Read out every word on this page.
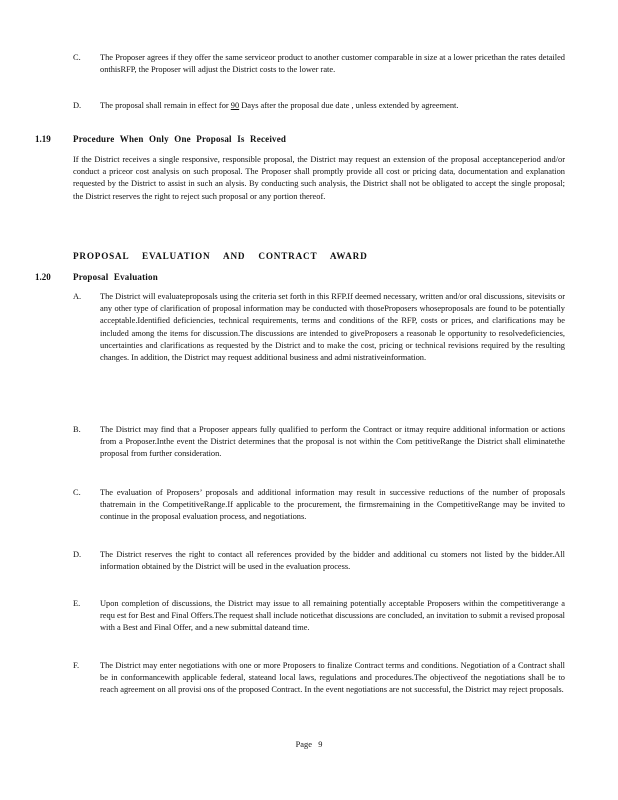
C. The Proposer agrees if they offer the same serviceor product to another customer comparable in size at a lower pricethan the rates detailed onthisRFP, the Proposer will adjust the District costs to the lower rate.
D. The proposal shall remain in effect for 90 Days after the proposal due date , unless extended by agreement.
1.19 Procedure When Only One Proposal Is Received
If the District receives a single responsive, responsible proposal, the District may request an extension of the proposal acceptanceperiod and/or conduct a priceor cost analysis on such proposal. The Proposer shall promptly provide all cost or pricing data, documentation and explanation requested by the District to assist in such an alysis. By conducting such analysis, the District shall not be obligated to accept the single proposal; the District reserves the right to reject such proposal or any portion thereof.
PROPOSAL EVALUATION AND CONTRACT AWARD
1.20 Proposal Evaluation
A. The District will evaluateproposals using the criteria set forth in this RFP.If deemed necessary, written and/or oral discussions, sitevisits or any other type of clarification of proposal information may be conducted with thoseProposers whoseproposals are found to be potentially acceptable.Identified deficiencies, technical requirements, terms and conditions of the RFP, costs or prices, and clarifications may be included among the items for discussion.The discussions are intended to giveProposers a reasonab le opportunity to resolvedeficiencies, uncertainties and clarifications as requested by the District and to make the cost, pricing or technical revisions required by the resulting changes. In addition, the District may request additional business and admi nistrativeinformation.
B. The District may find that a Proposer appears fully qualified to perform the Contract or itmay require additional information or actions from a Proposer.Inthe event the District determines that the proposal is not within the Com petitiveRange the District shall eliminatethe proposal from further consideration.
C. The evaluation of Proposers’ proposals and additional information may result in successive reductions of the number of proposals thatremain in the CompetitiveRange.If applicable to the procurement, the firmsremaining in the CompetitiveRange may be invited to continue in the proposal evaluation process, and negotiations.
D. The District reserves the right to contact all references provided by the bidder and additional cu stomers not listed by the bidder.All information obtained by the District will be used in the evaluation process.
E. Upon completion of discussions, the District may issue to all remaining potentially acceptable Proposers within the competitiverange a requ est for Best and Final Offers.The request shall include noticethat discussions are concluded, an invitation to submit a revised proposal with a Best and Final Offer, and a new submittal dateand time.
F. The District may enter negotiations with one or more Proposers to finalize Contract terms and conditions. Negotiation of a Contract shall be in conformancewith applicable federal, stateand local laws, regulations and procedures.The objectiveof the negotiations shall be to reach agreement on all provisi ons of the proposed Contract. In the event negotiations are not successful, the District may reject proposals.
Page 9
